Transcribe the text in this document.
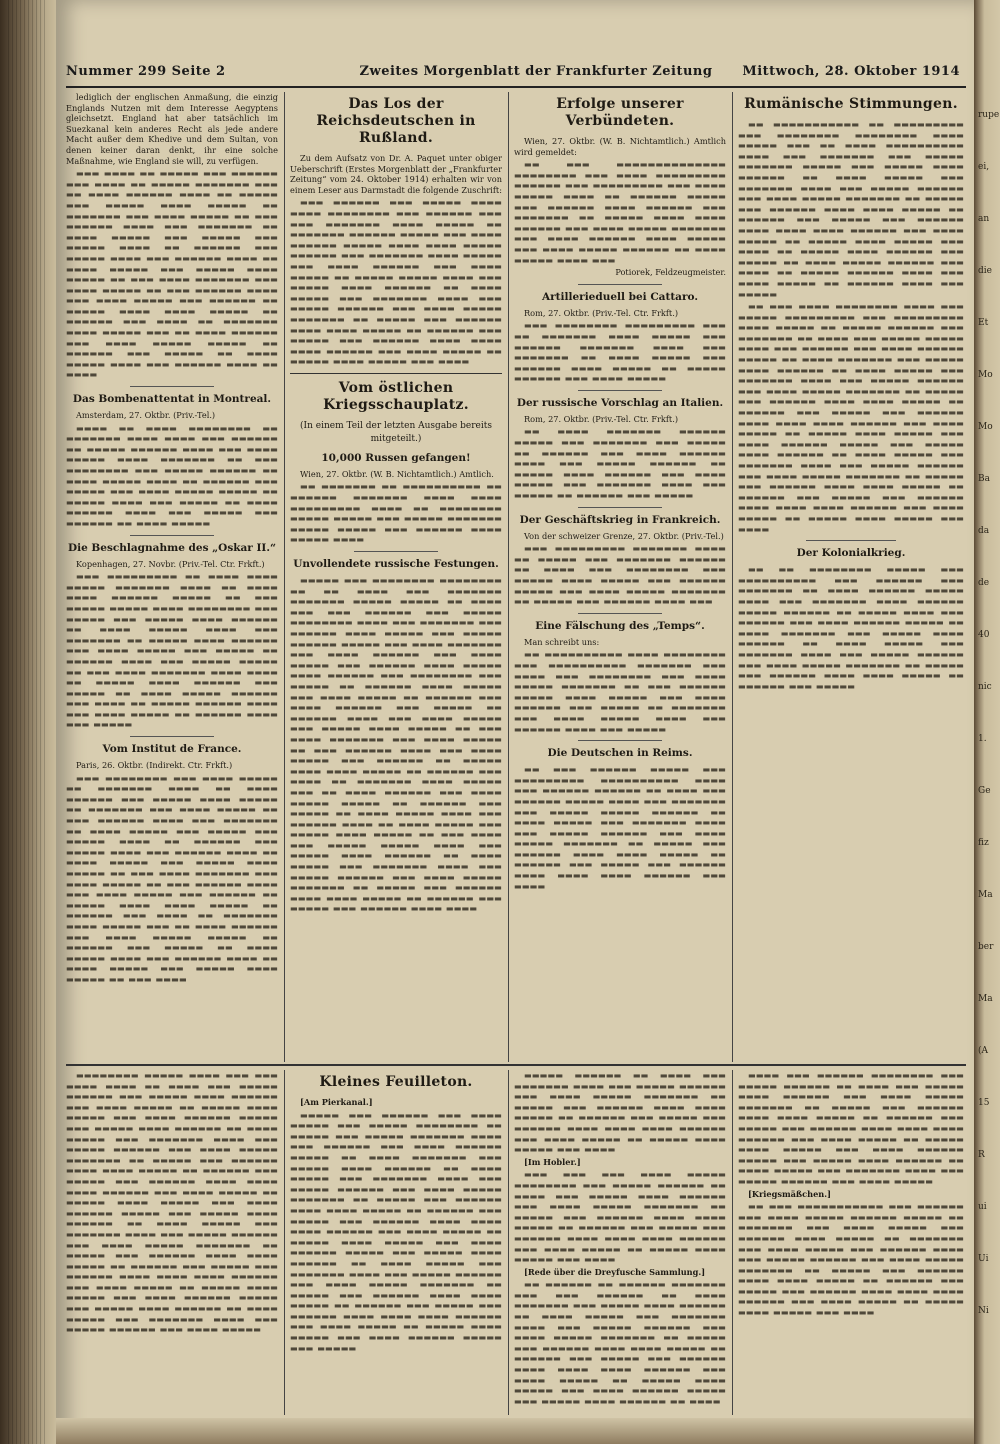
Nummer 299 Seite 2	Zweites Morgenblatt der Frankfurter Zeitung	Mittwoch, 28. Oktober 1914

lediglich der englischen Anmaßung, die einzig Englands Nutzen mit dem Interesse Aegyptens gleichsetzt. England hat aber tatsächlich im Suezkanal kein anderes Recht als jede andere Macht außer dem Khedive und dem Sultan, von denen keiner daran denkt, ihr eine solche Maßnahme, wie England sie will, zu verfügen.

▬▬▬ ▬▬▬▬ ▬▬ ▬▬▬▬▬ ▬▬▬ ▬▬▬▬▬▬ ▬▬▬ ▬▬▬▬ ▬▬ ▬▬▬▬▬ ▬▬▬▬▬▬▬ ▬▬▬ ▬▬ ▬▬▬▬ ▬▬▬▬▬▬ ▬▬▬▬ ▬▬ ▬▬▬▬▬ ▬▬▬ ▬▬▬▬▬ ▬▬▬▬ ▬▬▬▬▬ ▬▬ ▬▬▬▬▬▬▬ ▬▬▬ ▬▬▬▬ ▬▬▬▬▬ ▬▬ ▬▬▬ ▬▬▬▬▬▬ ▬▬▬▬ ▬▬▬ ▬▬▬▬▬▬▬ ▬▬ ▬▬▬▬ ▬▬▬▬▬ ▬▬▬ ▬▬▬▬▬ ▬▬▬ ▬▬▬▬▬ ▬▬▬▬ ▬▬ ▬▬▬▬▬▬ ▬▬▬ ▬▬▬▬▬ ▬▬▬▬ ▬▬▬ ▬▬▬▬▬▬ ▬▬▬▬ ▬▬ ▬▬▬▬ ▬▬▬▬▬ ▬▬▬ ▬▬▬▬▬ ▬▬▬▬ ▬▬▬▬▬ ▬▬ ▬▬▬ ▬▬▬▬ ▬▬▬▬▬▬▬ ▬▬▬ ▬▬▬▬ ▬▬▬▬▬ ▬▬ ▬▬▬ ▬▬▬▬▬▬ ▬▬▬▬ ▬▬▬ ▬▬▬▬ ▬▬▬▬▬ ▬▬▬ ▬▬▬▬▬▬ ▬▬ ▬▬▬▬▬ ▬▬▬▬ ▬▬▬▬ ▬▬▬▬▬ ▬▬ ▬▬▬▬▬▬ ▬▬▬ ▬▬▬▬ ▬▬ ▬▬▬▬▬▬▬ ▬▬▬▬ ▬▬▬▬▬ ▬▬▬ ▬▬ ▬▬▬▬ ▬▬▬▬▬▬ ▬▬▬ ▬▬▬▬ ▬▬▬▬▬ ▬▬▬▬▬ ▬▬ ▬▬▬▬▬▬ ▬▬▬ ▬▬▬▬▬ ▬▬ ▬▬▬▬ ▬▬▬▬▬ ▬▬▬▬ ▬▬▬ ▬▬▬▬▬▬ ▬▬▬▬ ▬▬ ▬▬▬▬

Das Bombenattentat in Montreal.

Amsterdam, 27. Oktbr. (Priv.-Tel.)

▬▬▬▬ ▬▬ ▬▬▬▬ ▬▬▬▬▬▬▬▬ ▬▬ ▬▬▬▬▬▬▬ ▬▬▬▬ ▬▬▬▬ ▬▬▬ ▬▬▬▬▬▬ ▬▬ ▬▬▬▬▬ ▬▬▬▬▬▬ ▬▬▬▬ ▬▬▬ ▬▬▬▬ ▬▬▬▬▬ ▬▬▬▬ ▬▬▬▬▬▬▬ ▬▬ ▬▬▬ ▬▬▬▬▬▬▬▬ ▬▬▬ ▬▬▬▬▬ ▬▬▬▬▬▬ ▬▬ ▬▬▬▬ ▬▬▬▬▬ ▬▬▬▬ ▬▬ ▬▬▬▬▬▬ ▬▬▬ ▬▬▬▬▬ ▬▬▬ ▬▬▬▬ ▬▬▬▬▬ ▬▬▬▬▬ ▬▬ ▬▬▬▬▬ ▬▬▬▬ ▬▬▬ ▬▬▬▬▬ ▬▬ ▬▬▬▬ ▬▬▬▬▬▬ ▬▬▬▬ ▬▬▬ ▬▬▬▬▬ ▬▬▬ ▬▬▬▬▬▬ ▬▬ ▬▬▬▬ ▬▬▬▬▬

Die Beschlagnahme des „Oskar II.“

Kopenhagen, 27. Novbr. (Priv.-Tel. Ctr. Frkft.)

▬▬▬ ▬▬▬▬▬▬▬▬▬ ▬▬ ▬▬▬▬ ▬▬▬▬ ▬▬▬▬▬ ▬▬▬▬▬▬▬ ▬▬▬▬ ▬▬ ▬▬▬▬ ▬▬▬▬ ▬▬▬▬▬▬ ▬▬▬▬▬ ▬▬ ▬▬▬ ▬▬▬▬▬ ▬▬▬▬▬ ▬▬▬▬ ▬▬▬▬▬▬▬▬ ▬▬▬ ▬▬▬▬▬ ▬▬▬ ▬▬▬▬▬ ▬▬▬▬ ▬▬▬▬▬▬ ▬▬ ▬▬▬▬ ▬▬▬▬▬ ▬▬▬▬ ▬▬▬ ▬▬▬▬▬▬▬ ▬▬ ▬▬▬▬▬ ▬▬▬▬ ▬▬▬▬▬▬ ▬▬▬ ▬▬▬▬ ▬▬▬▬▬ ▬▬▬ ▬▬▬▬▬ ▬▬ ▬▬▬▬▬▬ ▬▬▬▬ ▬▬▬ ▬▬▬▬▬ ▬▬▬▬▬ ▬▬ ▬▬▬ ▬▬▬▬ ▬▬▬▬▬▬▬ ▬▬▬▬ ▬▬▬▬ ▬▬ ▬▬▬▬▬ ▬▬▬▬ ▬▬▬▬▬▬ ▬▬▬ ▬▬▬▬▬ ▬▬ ▬▬▬▬ ▬▬▬▬▬ ▬▬▬▬▬▬ ▬▬▬ ▬▬▬▬ ▬▬ ▬▬▬▬▬ ▬▬▬▬▬▬ ▬▬▬▬ ▬▬▬ ▬▬▬▬ ▬▬▬▬▬ ▬▬ ▬▬▬▬▬▬ ▬▬▬▬ ▬▬▬ ▬▬▬▬▬

Vom Institut de France.

Paris, 26. Oktbr. (Indirekt. Ctr. Frkft.)

▬▬▬ ▬▬▬▬▬▬▬▬ ▬▬▬ ▬▬▬▬ ▬▬▬▬▬ ▬▬ ▬▬▬▬▬▬▬ ▬▬▬▬ ▬▬ ▬▬▬▬ ▬▬▬▬▬▬ ▬▬▬ ▬▬▬▬▬ ▬▬▬▬ ▬▬▬▬▬ ▬▬ ▬▬▬▬▬▬▬ ▬▬▬ ▬▬▬▬ ▬▬▬▬▬ ▬▬ ▬▬▬ ▬▬▬▬▬▬ ▬▬▬▬ ▬▬▬ ▬▬▬▬▬▬▬ ▬▬ ▬▬▬▬ ▬▬▬▬▬ ▬▬▬ ▬▬▬▬▬ ▬▬▬ ▬▬▬▬▬ ▬▬▬▬ ▬▬ ▬▬▬▬▬▬ ▬▬▬ ▬▬▬▬▬ ▬▬▬▬ ▬▬▬ ▬▬▬▬▬▬ ▬▬▬▬ ▬▬ ▬▬▬▬ ▬▬▬▬▬ ▬▬▬ ▬▬▬▬▬ ▬▬▬▬ ▬▬▬▬▬ ▬▬ ▬▬▬ ▬▬▬▬ ▬▬▬▬▬▬▬ ▬▬▬ ▬▬▬▬ ▬▬▬▬▬ ▬▬ ▬▬▬ ▬▬▬▬▬▬ ▬▬▬▬ ▬▬▬ ▬▬▬▬ ▬▬▬▬▬ ▬▬▬ ▬▬▬▬▬▬ ▬▬ ▬▬▬▬▬ ▬▬▬▬ ▬▬▬▬ ▬▬▬▬▬ ▬▬ ▬▬▬▬▬▬ ▬▬▬ ▬▬▬▬ ▬▬ ▬▬▬▬▬▬▬ ▬▬▬▬ ▬▬▬▬▬ ▬▬▬ ▬▬ ▬▬▬▬ ▬▬▬▬▬▬ ▬▬▬ ▬▬▬▬ ▬▬▬▬▬ ▬▬▬▬▬ ▬▬ ▬▬▬▬▬▬ ▬▬▬ ▬▬▬▬▬ ▬▬ ▬▬▬▬ ▬▬▬▬▬ ▬▬▬▬ ▬▬▬ ▬▬▬▬▬▬ ▬▬▬▬ ▬▬ ▬▬▬▬ ▬▬▬▬▬ ▬▬▬ ▬▬▬▬▬ ▬▬▬▬ ▬▬▬▬▬ ▬▬ ▬▬▬ ▬▬▬▬

Das Los der Reichsdeutschen in Rußland.

Zu dem Aufsatz von Dr. A. Paquet unter obiger Ueberschrift (Erstes Morgenblatt der „Frankfurter Zeitung“ vom 24. Oktober 1914) erhalten wir von einem Leser aus Darmstadt die folgende Zuschrift:

▬▬▬ ▬▬▬▬▬▬ ▬▬▬ ▬▬▬▬▬ ▬▬▬▬ ▬▬▬▬ ▬▬▬▬▬▬▬▬ ▬▬▬ ▬▬▬▬▬▬ ▬▬▬ ▬▬▬ ▬▬▬▬▬▬▬ ▬▬▬▬ ▬▬▬▬▬ ▬▬ ▬▬▬▬▬▬▬ ▬▬▬▬▬▬ ▬▬▬▬▬ ▬▬▬ ▬▬▬▬ ▬▬▬▬▬▬ ▬▬▬▬▬ ▬▬▬▬ ▬▬▬▬ ▬▬▬▬▬ ▬▬▬▬▬▬ ▬▬▬ ▬▬▬▬▬▬▬ ▬▬▬▬ ▬▬▬▬▬ ▬▬▬ ▬▬▬▬ ▬▬▬▬▬▬ ▬▬▬ ▬▬▬▬ ▬▬▬▬▬ ▬▬ ▬▬▬▬▬ ▬▬▬▬▬ ▬▬▬▬ ▬▬▬ ▬▬▬▬▬ ▬▬▬▬ ▬▬▬▬▬▬ ▬▬ ▬▬▬▬ ▬▬▬▬▬ ▬▬▬ ▬▬▬▬▬▬▬ ▬▬▬▬ ▬▬▬ ▬▬▬▬▬ ▬▬▬▬▬▬ ▬▬▬ ▬▬▬▬ ▬▬▬▬▬ ▬▬▬▬▬▬▬ ▬▬ ▬▬▬▬▬ ▬▬▬ ▬▬▬▬▬▬ ▬▬▬▬ ▬▬▬▬ ▬▬▬▬▬ ▬▬ ▬▬▬▬▬▬ ▬▬▬ ▬▬▬▬▬ ▬▬▬ ▬▬▬▬▬▬ ▬▬▬▬ ▬▬▬▬ ▬▬▬▬ ▬▬▬▬▬▬ ▬▬▬ ▬▬▬▬ ▬▬▬▬▬ ▬▬ ▬▬▬▬▬ ▬▬▬▬ ▬▬▬▬▬ ▬▬▬ ▬▬▬▬

Vom östlichen Kriegsschauplatz.
(In einem Teil der letzten Ausgabe bereits mitgeteilt.)
10,000 Russen gefangen!

Wien, 27. Oktbr. (W. B. Nichtamtlich.) Amtlich.

▬▬ ▬▬▬▬▬▬▬ ▬▬ ▬▬▬▬▬▬▬▬▬▬ ▬▬ ▬▬▬▬▬▬ ▬▬▬▬▬▬▬ ▬▬▬▬ ▬▬▬▬ ▬▬▬▬▬▬▬▬▬ ▬▬▬▬ ▬▬ ▬▬▬▬▬▬▬▬ ▬▬▬▬▬ ▬▬▬▬▬ ▬▬▬ ▬▬▬▬▬ ▬▬▬▬▬▬▬ ▬▬▬▬▬ ▬▬▬▬▬ ▬▬▬ ▬▬▬▬▬▬ ▬▬▬▬ ▬▬▬▬▬ ▬▬▬▬

Unvollendete russische Festungen.

▬▬▬▬▬ ▬▬▬ ▬▬▬▬▬▬▬▬ ▬▬▬▬▬▬▬▬ ▬▬ ▬▬ ▬▬▬▬ ▬▬▬ ▬▬▬▬▬▬▬ ▬▬▬▬▬▬▬ ▬▬▬▬▬ ▬▬▬▬▬ ▬▬ ▬▬▬▬ ▬▬▬ ▬▬▬ ▬▬▬▬▬▬ ▬▬▬ ▬▬▬▬▬ ▬▬▬▬▬▬▬▬ ▬▬▬▬ ▬▬▬ ▬▬▬▬▬▬▬ ▬▬▬ ▬▬▬▬▬▬ ▬▬▬▬ ▬▬▬▬▬ ▬▬▬ ▬▬▬▬▬ ▬▬▬▬▬▬ ▬▬▬▬▬ ▬▬▬ ▬▬▬▬ ▬▬▬▬▬▬▬ ▬▬▬ ▬▬▬▬ ▬▬▬▬▬▬ ▬▬▬ ▬▬▬▬ ▬▬▬▬▬ ▬▬▬ ▬▬▬▬▬▬ ▬▬▬▬ ▬▬▬▬▬ ▬▬▬▬ ▬▬▬▬▬▬ ▬▬▬ ▬▬▬▬▬▬▬▬ ▬▬▬ ▬▬▬▬▬ ▬▬ ▬▬▬▬▬▬ ▬▬▬▬ ▬▬▬▬▬ ▬▬▬ ▬▬▬▬ ▬▬▬▬▬ ▬▬ ▬▬▬▬▬▬ ▬▬▬ ▬▬▬▬ ▬▬▬▬▬▬ ▬▬▬ ▬▬▬▬▬ ▬▬ ▬▬▬▬▬▬ ▬▬▬▬ ▬▬▬ ▬▬▬▬ ▬▬▬▬▬ ▬▬▬ ▬▬▬▬▬ ▬▬▬▬ ▬▬▬▬▬ ▬▬ ▬▬▬ ▬▬▬▬ ▬▬▬▬▬▬▬ ▬▬▬ ▬▬▬▬ ▬▬▬▬▬ ▬▬ ▬▬▬ ▬▬▬▬▬▬ ▬▬▬▬ ▬▬▬ ▬▬▬▬ ▬▬▬▬▬ ▬▬▬ ▬▬▬▬▬▬ ▬▬ ▬▬▬▬▬ ▬▬▬▬ ▬▬▬▬ ▬▬▬▬▬ ▬▬ ▬▬▬▬▬▬ ▬▬▬ ▬▬▬▬ ▬▬ ▬▬▬▬▬▬▬ ▬▬▬▬ ▬▬▬▬▬ ▬▬▬ ▬▬ ▬▬▬▬ ▬▬▬▬▬▬ ▬▬▬ ▬▬▬▬ ▬▬▬▬▬ ▬▬▬▬▬ ▬▬ ▬▬▬▬▬▬ ▬▬▬ ▬▬▬▬▬ ▬▬ ▬▬▬▬ ▬▬▬▬▬ ▬▬▬▬ ▬▬▬ ▬▬▬▬▬▬ ▬▬▬▬ ▬▬ ▬▬▬▬ ▬▬▬▬▬ ▬▬▬ ▬▬▬▬▬ ▬▬▬▬ ▬▬▬▬▬ ▬▬ ▬▬▬ ▬▬▬▬ ▬▬▬ ▬▬▬▬▬ ▬▬▬▬▬ ▬▬▬▬ ▬▬▬ ▬▬▬▬▬ ▬▬▬▬ ▬▬▬▬▬▬ ▬▬ ▬▬▬▬ ▬▬▬▬▬ ▬▬▬ ▬▬▬▬▬▬▬ ▬▬▬▬ ▬▬▬ ▬▬▬▬▬ ▬▬▬▬▬▬ ▬▬▬ ▬▬▬▬ ▬▬▬▬▬ ▬▬▬▬▬▬▬ ▬▬ ▬▬▬▬▬ ▬▬▬ ▬▬▬▬▬▬ ▬▬▬▬ ▬▬▬▬ ▬▬▬▬▬ ▬▬ ▬▬▬▬▬▬ ▬▬▬ ▬▬▬▬▬ ▬▬▬ ▬▬▬▬▬▬ ▬▬▬▬ ▬▬▬▬

Erfolge unserer Verbündeten.

Wien, 27. Oktbr. (W. B. Nichtamtlich.) Amtlich wird gemeldet:

▬▬ ▬▬▬ ▬▬▬▬▬▬▬▬▬▬▬▬▬▬ ▬▬▬▬▬▬▬▬ ▬▬▬ ▬▬▬▬ ▬▬▬▬▬▬▬▬▬ ▬▬▬▬▬▬ ▬▬▬ ▬▬▬▬▬▬▬▬▬ ▬▬▬ ▬▬▬▬ ▬▬▬▬▬ ▬▬▬▬ ▬▬ ▬▬▬▬▬▬ ▬▬▬▬▬ ▬▬▬ ▬▬▬▬▬▬ ▬▬▬▬ ▬▬▬▬▬▬ ▬▬▬ ▬▬▬▬▬▬▬ ▬▬ ▬▬▬▬▬ ▬▬▬▬ ▬▬▬▬ ▬▬▬▬▬▬ ▬▬▬ ▬▬▬▬ ▬▬▬▬▬ ▬▬▬▬▬▬▬ ▬▬▬ ▬▬▬▬ ▬▬▬▬▬▬ ▬▬▬▬ ▬▬▬▬▬ ▬▬▬ ▬▬▬▬ ▬▬▬▬▬ ▬▬▬▬▬▬ ▬▬ ▬▬▬▬ ▬▬▬▬▬ ▬▬▬▬ ▬▬▬

Potiorek, Feldzeugmeister.

Artillerieduell bei Cattaro.

Rom, 27. Oktbr. (Priv.-Tel. Ctr. Frkft.)

▬▬▬ ▬▬▬▬▬▬▬▬ ▬▬▬▬▬▬▬▬▬ ▬▬▬ ▬▬ ▬▬▬▬▬▬▬ ▬▬▬▬ ▬▬▬▬▬ ▬▬▬ ▬▬▬▬▬▬ ▬▬▬▬▬▬▬ ▬▬▬▬ ▬▬▬ ▬▬▬▬▬▬▬ ▬▬ ▬▬▬▬ ▬▬▬▬▬ ▬▬▬ ▬▬▬▬▬▬ ▬▬▬▬ ▬▬▬▬▬ ▬▬ ▬▬▬▬▬ ▬▬▬▬▬▬ ▬▬▬ ▬▬▬▬ ▬▬▬▬▬

Der russische Vorschlag an Italien.

Rom, 27. Oktbr. (Priv.-Tel. Ctr. Frkft.)

▬▬ ▬▬▬▬ ▬▬▬▬▬▬▬ ▬▬▬▬▬▬ ▬▬▬▬▬ ▬▬▬ ▬▬▬▬▬▬▬ ▬▬▬ ▬▬▬▬▬ ▬▬ ▬▬▬▬▬▬ ▬▬▬ ▬▬▬▬ ▬▬▬▬▬▬ ▬▬▬▬ ▬▬▬ ▬▬▬▬▬ ▬▬▬▬▬▬ ▬▬ ▬▬▬▬▬ ▬▬▬▬ ▬▬▬▬▬▬ ▬▬▬ ▬▬▬▬ ▬▬▬▬▬ ▬▬▬ ▬▬▬▬▬▬▬ ▬▬▬▬ ▬▬▬ ▬▬▬▬▬ ▬▬ ▬▬▬▬▬▬ ▬▬▬ ▬▬▬▬▬

Der Geschäftskrieg in Frankreich.

Von der schweizer Grenze, 27. Oktbr. (Priv.-Tel.)

▬▬▬ ▬▬▬▬▬▬▬▬▬ ▬▬▬▬▬▬▬ ▬▬▬▬ ▬▬ ▬▬▬▬▬ ▬▬▬ ▬▬▬▬▬▬▬ ▬▬▬▬▬▬ ▬▬ ▬▬▬▬ ▬▬▬ ▬▬▬▬▬▬▬▬ ▬▬▬ ▬▬▬▬▬ ▬▬▬▬ ▬▬▬▬▬ ▬▬▬ ▬▬▬▬▬▬ ▬▬▬▬▬ ▬▬▬ ▬▬▬▬ ▬▬▬▬▬ ▬▬▬▬▬▬▬ ▬▬ ▬▬▬▬▬ ▬▬▬ ▬▬▬▬▬▬ ▬▬▬▬ ▬▬▬

Eine Fälschung des „Temps“.

Man schreibt uns:

▬▬ ▬▬▬▬▬▬▬▬▬▬ ▬▬▬▬ ▬▬▬▬▬▬▬▬ ▬▬▬ ▬▬▬▬▬▬▬▬▬▬ ▬▬▬▬▬▬▬ ▬▬▬ ▬▬▬▬ ▬▬▬ ▬▬▬▬▬▬▬▬ ▬▬▬ ▬▬▬▬ ▬▬▬▬▬ ▬▬▬▬▬▬▬ ▬▬ ▬▬▬ ▬▬▬▬▬▬ ▬▬▬▬▬ ▬▬▬▬ ▬▬▬▬▬ ▬▬▬ ▬▬▬▬ ▬▬▬▬▬▬ ▬▬▬ ▬▬▬▬▬ ▬▬ ▬▬▬▬▬▬▬ ▬▬▬ ▬▬▬▬ ▬▬▬▬▬ ▬▬▬▬ ▬▬▬ ▬▬▬▬▬▬ ▬▬▬▬ ▬▬▬ ▬▬▬▬▬

Die Deutschen in Reims.

▬▬ ▬▬▬ ▬▬▬▬▬▬ ▬▬▬▬▬ ▬▬▬ ▬▬▬▬▬▬▬▬▬ ▬▬▬▬▬▬▬▬▬▬ ▬▬▬▬ ▬▬▬ ▬▬▬▬▬▬ ▬▬▬▬▬▬ ▬▬ ▬▬▬▬ ▬▬▬ ▬▬▬▬▬▬ ▬▬▬▬▬ ▬▬▬▬ ▬▬▬ ▬▬▬▬▬▬▬ ▬▬▬ ▬▬▬▬▬ ▬▬▬▬▬ ▬▬▬▬▬▬ ▬▬ ▬▬▬▬ ▬▬▬▬▬ ▬▬▬ ▬▬▬▬▬▬▬ ▬▬▬▬ ▬▬▬ ▬▬▬▬▬ ▬▬▬▬▬▬ ▬▬▬ ▬▬▬▬ ▬▬▬▬▬ ▬▬▬▬▬▬▬ ▬▬ ▬▬▬▬▬ ▬▬▬ ▬▬▬▬▬▬ ▬▬▬▬ ▬▬▬▬ ▬▬▬▬▬ ▬▬ ▬▬▬▬▬▬ ▬▬▬ ▬▬▬▬▬ ▬▬▬ ▬▬▬▬▬▬ ▬▬▬▬ ▬▬▬▬ ▬▬▬▬ ▬▬▬▬▬▬ ▬▬▬ ▬▬▬▬

Rumänische Stimmungen.

▬▬ ▬▬▬▬▬▬▬▬▬▬▬ ▬▬ ▬▬▬▬▬▬▬▬▬ ▬▬▬ ▬▬▬▬▬▬▬▬ ▬▬▬▬▬▬▬▬ ▬▬▬▬ ▬▬▬▬▬ ▬▬▬ ▬▬ ▬▬▬▬ ▬▬▬▬▬▬▬▬▬▬ ▬▬▬▬ ▬▬▬ ▬▬▬▬▬▬▬ ▬▬▬ ▬▬▬▬▬ ▬▬▬▬▬▬▬ ▬▬▬▬▬ ▬▬▬ ▬▬▬▬▬ ▬▬▬▬ ▬▬▬▬▬▬ ▬▬ ▬▬▬▬ ▬▬▬▬▬ ▬▬▬ ▬▬▬▬▬▬▬ ▬▬▬▬ ▬▬▬ ▬▬▬▬▬ ▬▬▬▬▬▬ ▬▬▬ ▬▬▬▬ ▬▬▬▬▬ ▬▬▬▬▬▬▬ ▬▬ ▬▬▬▬▬ ▬▬▬ ▬▬▬▬▬▬ ▬▬▬▬ ▬▬▬▬ ▬▬▬▬▬ ▬▬ ▬▬▬▬▬▬ ▬▬▬ ▬▬▬▬▬ ▬▬▬ ▬▬▬▬▬▬ ▬▬▬▬ ▬▬▬▬ ▬▬▬▬ ▬▬▬▬▬▬ ▬▬▬ ▬▬▬▬ ▬▬▬▬▬ ▬▬ ▬▬▬▬▬ ▬▬▬▬ ▬▬▬▬▬ ▬▬▬ ▬▬▬▬ ▬▬ ▬▬▬▬▬ ▬▬▬▬ ▬▬▬▬▬▬ ▬▬▬ ▬▬▬▬▬ ▬▬ ▬▬▬▬ ▬▬▬▬▬ ▬▬▬▬▬▬ ▬▬▬ ▬▬▬▬ ▬▬ ▬▬▬▬▬ ▬▬▬▬▬▬ ▬▬▬▬ ▬▬▬ ▬▬▬▬ ▬▬▬▬▬ ▬▬ ▬▬▬▬▬▬ ▬▬▬▬ ▬▬▬ ▬▬▬▬▬

▬▬ ▬▬▬ ▬▬▬▬ ▬▬▬▬▬▬▬▬ ▬▬▬▬ ▬▬▬ ▬▬▬▬▬ ▬▬▬▬▬▬▬▬▬ ▬▬▬ ▬▬▬▬▬▬▬▬▬ ▬▬▬▬ ▬▬▬▬▬ ▬▬ ▬▬▬▬▬ ▬▬▬▬▬▬ ▬▬▬ ▬▬▬▬▬▬▬ ▬▬ ▬▬▬▬ ▬▬▬ ▬▬▬▬▬ ▬▬▬▬▬ ▬▬▬▬ ▬▬▬ ▬▬▬▬▬▬ ▬▬▬ ▬▬▬▬ ▬▬▬▬▬▬ ▬▬▬▬▬ ▬▬ ▬▬▬▬ ▬▬▬▬▬▬▬ ▬▬▬ ▬▬▬▬▬ ▬▬▬▬ ▬▬▬▬▬▬ ▬▬ ▬▬▬▬ ▬▬▬▬▬ ▬▬▬ ▬▬▬▬▬▬▬ ▬▬▬▬ ▬▬▬ ▬▬▬▬▬ ▬▬▬▬▬▬ ▬▬▬ ▬▬▬▬ ▬▬▬▬▬ ▬▬▬▬▬▬▬ ▬▬ ▬▬▬▬▬ ▬▬▬ ▬▬▬▬▬▬ ▬▬▬▬ ▬▬▬▬ ▬▬▬▬▬ ▬▬ ▬▬▬▬▬▬ ▬▬▬ ▬▬▬▬▬ ▬▬▬ ▬▬▬▬▬▬ ▬▬▬▬ ▬▬▬▬ ▬▬▬▬ ▬▬▬▬▬▬ ▬▬▬ ▬▬▬▬ ▬▬▬▬▬ ▬▬ ▬▬▬▬▬ ▬▬▬▬ ▬▬▬▬▬ ▬▬▬ ▬▬▬▬ ▬▬▬▬▬▬ ▬▬▬▬▬ ▬▬▬ ▬▬▬▬▬ ▬▬▬▬ ▬▬▬▬▬▬ ▬▬ ▬▬▬▬ ▬▬▬▬▬ ▬▬▬ ▬▬▬▬▬▬▬ ▬▬▬▬ ▬▬▬ ▬▬▬▬▬ ▬▬▬▬▬▬ ▬▬▬ ▬▬▬▬ ▬▬▬▬▬ ▬▬▬▬▬▬▬ ▬▬ ▬▬▬▬▬ ▬▬▬ ▬▬▬▬▬▬ ▬▬▬▬ ▬▬▬▬ ▬▬▬▬▬ ▬▬ ▬▬▬▬▬▬ ▬▬▬ ▬▬▬▬▬ ▬▬▬ ▬▬▬▬▬▬ ▬▬▬▬ ▬▬▬▬ ▬▬▬▬ ▬▬▬▬▬▬ ▬▬▬ ▬▬▬▬ ▬▬▬▬▬ ▬▬ ▬▬▬▬▬ ▬▬▬▬ ▬▬▬▬▬ ▬▬▬ ▬▬▬▬

Der Kolonialkrieg.

▬▬ ▬▬ ▬▬▬▬▬▬▬▬ ▬▬▬▬▬ ▬▬▬ ▬▬▬▬▬▬▬▬▬▬ ▬▬▬ ▬▬▬▬▬▬ ▬▬▬ ▬▬▬▬▬▬▬ ▬▬ ▬▬▬▬ ▬▬▬▬▬▬ ▬▬▬▬▬ ▬▬▬▬ ▬▬▬ ▬▬▬▬▬▬▬ ▬▬▬▬ ▬▬▬▬▬▬ ▬▬▬▬▬ ▬▬▬▬▬▬ ▬▬ ▬▬▬▬▬ ▬▬▬▬ ▬▬▬ ▬▬▬▬▬▬ ▬▬▬ ▬▬▬▬ ▬▬▬▬▬▬ ▬▬▬▬▬ ▬▬ ▬▬▬▬ ▬▬▬▬▬▬▬ ▬▬▬ ▬▬▬▬▬ ▬▬▬▬ ▬▬▬▬▬▬ ▬▬ ▬▬▬▬ ▬▬▬▬▬ ▬▬▬ ▬▬▬▬▬▬▬ ▬▬▬▬ ▬▬▬ ▬▬▬▬▬ ▬▬▬▬▬▬ ▬▬▬ ▬▬▬▬ ▬▬▬▬▬ ▬▬▬▬▬▬▬ ▬▬ ▬▬▬▬▬ ▬▬▬ ▬▬▬▬▬▬ ▬▬▬▬ ▬▬▬▬ ▬▬▬▬▬ ▬▬ ▬▬▬▬▬▬ ▬▬▬ ▬▬▬▬▬

▬▬▬▬▬▬▬▬ ▬▬▬▬▬ ▬▬▬▬ ▬▬▬ ▬▬▬ ▬▬▬▬ ▬▬▬▬ ▬▬ ▬▬▬▬ ▬▬▬ ▬▬▬▬▬ ▬▬▬▬▬▬ ▬▬▬ ▬▬▬▬▬ ▬▬▬▬ ▬▬▬▬▬▬ ▬▬▬ ▬▬▬▬ ▬▬▬▬▬ ▬▬ ▬▬▬▬▬ ▬▬▬▬ ▬▬▬▬▬ ▬▬▬ ▬▬▬▬ ▬▬▬▬▬▬ ▬▬▬▬▬ ▬▬▬ ▬▬▬▬▬ ▬▬▬▬ ▬▬▬▬▬▬ ▬▬ ▬▬▬▬ ▬▬▬▬▬ ▬▬▬ ▬▬▬▬▬▬▬ ▬▬▬▬ ▬▬▬ ▬▬▬▬▬ ▬▬▬▬▬▬ ▬▬▬ ▬▬▬▬ ▬▬▬▬▬ ▬▬▬▬▬▬▬ ▬▬ ▬▬▬▬▬ ▬▬▬ ▬▬▬▬▬▬ ▬▬▬▬ ▬▬▬▬ ▬▬▬▬▬ ▬▬ ▬▬▬▬▬▬ ▬▬▬ ▬▬▬▬▬ ▬▬▬ ▬▬▬▬▬▬ ▬▬▬▬ ▬▬▬▬ ▬▬▬▬ ▬▬▬▬▬▬ ▬▬▬ ▬▬▬▬ ▬▬▬▬▬ ▬▬ ▬▬▬▬▬ ▬▬▬▬ ▬▬▬▬▬ ▬▬▬ ▬▬▬▬ ▬▬▬▬▬▬ ▬▬▬▬▬ ▬▬▬ ▬▬▬▬▬ ▬▬▬▬ ▬▬▬▬▬▬ ▬▬ ▬▬▬▬ ▬▬▬▬▬ ▬▬▬ ▬▬▬▬▬▬▬ ▬▬▬▬ ▬▬▬ ▬▬▬▬▬ ▬▬▬▬▬▬ ▬▬▬ ▬▬▬▬ ▬▬▬▬▬ ▬▬▬▬▬▬▬ ▬▬ ▬▬▬▬▬ ▬▬▬ ▬▬▬▬▬▬ ▬▬▬▬ ▬▬▬▬ ▬▬▬▬▬ ▬▬ ▬▬▬▬▬▬ ▬▬▬ ▬▬▬▬▬ ▬▬▬ ▬▬▬▬▬▬ ▬▬▬▬ ▬▬▬▬ ▬▬▬▬ ▬▬▬▬▬▬ ▬▬▬ ▬▬▬▬ ▬▬▬▬▬ ▬▬ ▬▬▬▬▬ ▬▬▬▬ ▬▬▬▬▬ ▬▬▬ ▬▬▬▬ ▬▬▬▬▬▬ ▬▬▬▬▬ ▬▬▬ ▬▬▬▬▬ ▬▬▬▬ ▬▬▬▬▬▬ ▬▬ ▬▬▬▬ ▬▬▬▬▬ ▬▬▬ ▬▬▬▬▬▬▬ ▬▬▬▬ ▬▬▬ ▬▬▬▬▬ ▬▬▬▬▬▬ ▬▬▬ ▬▬▬▬ ▬▬▬▬▬

Kleines Feuilleton.

[Am Pierkanal.]

▬▬▬▬▬ ▬▬▬ ▬▬▬▬▬▬ ▬▬▬ ▬▬▬▬ ▬▬▬▬▬ ▬▬▬ ▬▬▬▬▬ ▬▬▬▬▬▬▬▬ ▬▬ ▬▬▬▬▬ ▬▬▬ ▬▬▬▬▬ ▬▬▬▬▬▬▬ ▬▬▬▬ ▬▬▬ ▬▬▬▬▬▬ ▬▬▬ ▬▬▬▬ ▬▬▬▬▬▬ ▬▬▬▬▬ ▬▬ ▬▬▬▬ ▬▬▬▬▬▬▬ ▬▬▬ ▬▬▬▬▬ ▬▬▬▬ ▬▬▬▬▬▬ ▬▬ ▬▬▬▬ ▬▬▬▬▬ ▬▬▬ ▬▬▬▬▬▬▬ ▬▬▬▬ ▬▬▬ ▬▬▬▬▬ ▬▬▬▬▬▬ ▬▬▬ ▬▬▬▬ ▬▬▬▬▬ ▬▬▬▬▬▬▬ ▬▬ ▬▬▬▬▬ ▬▬▬ ▬▬▬▬▬▬ ▬▬▬▬ ▬▬▬▬ ▬▬▬▬▬ ▬▬ ▬▬▬▬▬▬ ▬▬▬ ▬▬▬▬▬ ▬▬▬ ▬▬▬▬▬▬ ▬▬▬▬ ▬▬▬▬ ▬▬▬▬ ▬▬▬▬▬▬ ▬▬▬ ▬▬▬▬ ▬▬▬▬▬ ▬▬ ▬▬▬▬▬ ▬▬▬▬ ▬▬▬▬▬ ▬▬▬ ▬▬▬▬ ▬▬▬▬▬▬ ▬▬▬▬▬ ▬▬▬ ▬▬▬▬▬ ▬▬▬▬ ▬▬▬▬▬▬ ▬▬ ▬▬▬▬ ▬▬▬▬▬ ▬▬▬ ▬▬▬▬▬▬▬ ▬▬▬▬ ▬▬▬ ▬▬▬▬▬ ▬▬▬▬▬▬ ▬▬▬ ▬▬▬▬ ▬▬▬▬▬ ▬▬▬▬▬▬▬ ▬▬ ▬▬▬▬▬ ▬▬▬ ▬▬▬▬▬▬ ▬▬▬▬ ▬▬▬▬ ▬▬▬▬▬ ▬▬ ▬▬▬▬▬▬ ▬▬▬ ▬▬▬▬▬ ▬▬▬ ▬▬▬▬▬▬ ▬▬▬▬ ▬▬▬▬ ▬▬▬▬ ▬▬▬▬▬▬ ▬▬▬ ▬▬▬▬ ▬▬▬▬▬ ▬▬ ▬▬▬▬▬ ▬▬▬▬ ▬▬▬▬▬ ▬▬▬ ▬▬▬▬ ▬▬▬▬▬▬ ▬▬▬▬▬ ▬▬▬ ▬▬▬▬▬

▬▬▬▬▬ ▬▬▬▬▬▬ ▬▬ ▬▬▬▬ ▬▬▬ ▬▬▬▬▬▬▬ ▬▬▬▬ ▬▬▬ ▬▬▬▬▬ ▬▬▬▬▬▬ ▬▬▬ ▬▬▬▬ ▬▬▬▬▬ ▬▬▬▬▬▬▬ ▬▬ ▬▬▬▬▬ ▬▬▬ ▬▬▬▬▬▬ ▬▬▬▬ ▬▬▬▬ ▬▬▬▬▬ ▬▬ ▬▬▬▬▬▬ ▬▬▬ ▬▬▬▬▬ ▬▬▬ ▬▬▬▬▬▬ ▬▬▬▬ ▬▬▬▬ ▬▬▬▬ ▬▬▬▬▬▬ ▬▬▬ ▬▬▬▬ ▬▬▬▬▬ ▬▬ ▬▬▬▬▬ ▬▬▬▬ ▬▬▬▬▬ ▬▬▬ ▬▬▬▬

[Im Hobler.]

▬▬▬ ▬▬▬ ▬▬▬ ▬▬▬▬ ▬▬▬▬▬ ▬▬▬▬▬▬▬▬ ▬▬▬ ▬▬▬▬▬ ▬▬▬▬▬▬ ▬▬ ▬▬▬▬ ▬▬▬ ▬▬▬▬▬ ▬▬▬▬ ▬▬▬▬▬▬ ▬▬▬ ▬▬▬▬ ▬▬▬▬▬ ▬▬▬▬▬▬▬ ▬▬ ▬▬▬▬▬ ▬▬▬ ▬▬▬▬▬▬ ▬▬▬▬ ▬▬▬▬ ▬▬▬▬▬ ▬▬ ▬▬▬▬▬▬ ▬▬▬ ▬▬▬▬▬ ▬▬▬ ▬▬▬▬▬▬ ▬▬▬▬ ▬▬▬▬ ▬▬▬▬ ▬▬▬▬▬▬ ▬▬▬ ▬▬▬▬ ▬▬▬▬▬ ▬▬ ▬▬▬▬▬ ▬▬▬▬ ▬▬▬▬▬ ▬▬▬ ▬▬▬▬

[Rede über die Dreyfusche Sammlung.]

▬▬ ▬▬▬▬▬▬ ▬▬ ▬▬▬▬▬▬ ▬▬▬▬▬▬▬ ▬▬▬ ▬▬▬ ▬▬▬▬▬▬ ▬▬ ▬▬▬▬ ▬▬▬▬▬▬▬ ▬▬▬ ▬▬▬▬▬ ▬▬▬▬ ▬▬▬▬▬▬ ▬▬ ▬▬▬▬ ▬▬▬▬▬ ▬▬▬ ▬▬▬▬▬▬▬ ▬▬▬▬ ▬▬▬ ▬▬▬▬▬ ▬▬▬▬▬▬ ▬▬▬ ▬▬▬▬ ▬▬▬▬▬ ▬▬▬▬▬▬▬ ▬▬ ▬▬▬▬▬ ▬▬▬ ▬▬▬▬▬▬ ▬▬▬▬ ▬▬▬▬ ▬▬▬▬▬ ▬▬ ▬▬▬▬▬▬ ▬▬▬ ▬▬▬▬▬ ▬▬▬ ▬▬▬▬▬▬ ▬▬▬▬ ▬▬▬▬ ▬▬▬▬ ▬▬▬▬▬▬ ▬▬▬ ▬▬▬▬ ▬▬▬▬▬ ▬▬ ▬▬▬▬▬ ▬▬▬▬ ▬▬▬▬▬ ▬▬▬ ▬▬▬▬ ▬▬▬▬▬▬ ▬▬▬▬▬ ▬▬▬ ▬▬▬▬▬ ▬▬▬▬ ▬▬▬▬▬▬ ▬▬ ▬▬▬▬

▬▬▬▬ ▬▬▬ ▬▬▬▬▬▬ ▬▬▬▬▬▬▬▬ ▬▬▬ ▬▬▬▬▬ ▬▬▬▬▬▬ ▬▬ ▬▬▬▬ ▬▬▬ ▬▬▬▬▬ ▬▬▬▬ ▬▬▬▬▬▬ ▬▬▬ ▬▬▬▬ ▬▬▬▬▬ ▬▬▬▬▬▬▬ ▬▬ ▬▬▬▬▬ ▬▬▬ ▬▬▬▬▬▬ ▬▬▬▬ ▬▬▬▬ ▬▬▬▬▬ ▬▬ ▬▬▬▬▬▬ ▬▬▬ ▬▬▬▬▬ ▬▬▬ ▬▬▬▬▬▬ ▬▬▬▬ ▬▬▬▬ ▬▬▬▬ ▬▬▬▬▬▬ ▬▬▬ ▬▬▬▬ ▬▬▬▬▬ ▬▬ ▬▬▬▬▬ ▬▬▬▬ ▬▬▬▬▬ ▬▬▬ ▬▬▬▬ ▬▬▬▬▬▬ ▬▬▬▬▬ ▬▬▬ ▬▬▬▬▬ ▬▬▬▬ ▬▬▬▬▬▬ ▬▬ ▬▬▬▬ ▬▬▬▬▬ ▬▬▬ ▬▬▬▬▬▬▬ ▬▬▬▬ ▬▬▬ ▬▬▬▬▬ ▬▬▬▬▬▬ ▬▬▬ ▬▬▬▬ ▬▬▬▬▬

[Kriegsmäßchen.]

▬▬ ▬▬▬ ▬▬▬▬▬▬▬▬▬▬▬ ▬▬▬ ▬▬▬▬▬▬ ▬▬▬ ▬▬▬▬ ▬▬▬▬▬ ▬▬▬▬▬▬ ▬▬▬▬▬ ▬▬ ▬▬▬▬▬▬▬ ▬▬▬ ▬▬▬▬ ▬▬▬▬▬ ▬▬▬ ▬▬▬▬▬▬ ▬▬▬▬ ▬▬▬▬▬ ▬▬ ▬▬▬▬▬▬▬ ▬▬▬ ▬▬▬▬ ▬▬▬▬▬ ▬▬▬ ▬▬▬▬▬▬ ▬▬▬▬ ▬▬▬ ▬▬▬▬▬ ▬▬▬▬▬▬ ▬▬▬ ▬▬▬▬ ▬▬▬▬▬ ▬▬▬▬▬▬▬ ▬▬ ▬▬▬▬▬ ▬▬▬ ▬▬▬▬▬▬ ▬▬▬▬ ▬▬▬▬ ▬▬▬▬▬ ▬▬ ▬▬▬▬▬▬ ▬▬▬ ▬▬▬▬▬ ▬▬▬ ▬▬▬▬▬▬ ▬▬▬▬ ▬▬▬▬ ▬▬▬▬ ▬▬▬▬▬▬ ▬▬▬ ▬▬▬▬ ▬▬▬▬▬ ▬▬ ▬▬▬▬▬ ▬▬▬▬ ▬▬▬▬▬ ▬▬▬ ▬▬▬▬

rupe
ei,
an
die
Et
Mo
Mo
Ba
da
de
40
nic
1.
Ge
fiz
Ma
ber
Ma
(A
15
R
ui
Ui
Ni
